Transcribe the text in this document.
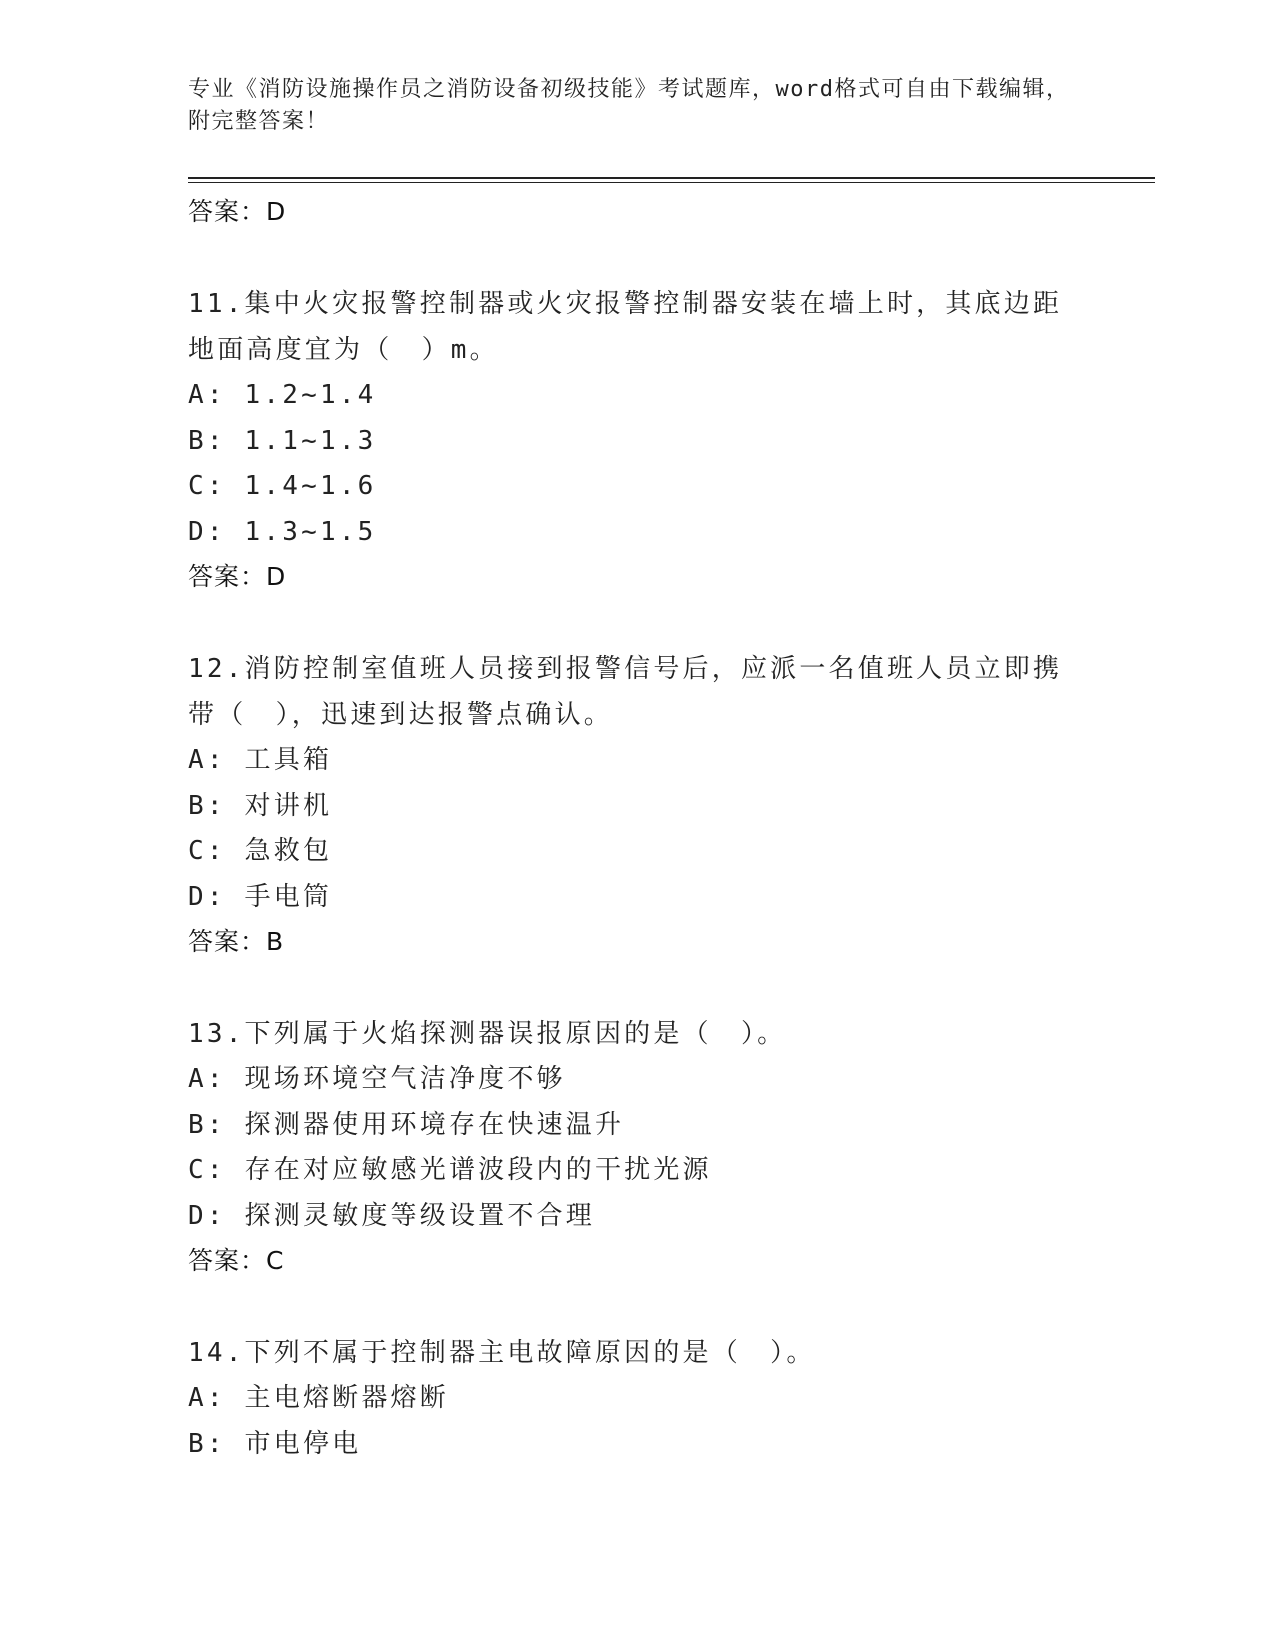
专业《消防设施操作员之消防设备初级技能》考试题库，word格式可自由下载编辑，附完整答案！
答案：D
11.集中火灾报警控制器或火灾报警控制器安装在墙上时，其底边距地面高度宜为（　）m。
A: 1.2~1.4
B: 1.1~1.3
C: 1.4~1.6
D: 1.3~1.5
答案：D
12.消防控制室值班人员接到报警信号后，应派一名值班人员立即携带（　），迅速到达报警点确认。
A: 工具箱
B: 对讲机
C: 急救包
D: 手电筒
答案：B
13.下列属于火焰探测器误报原因的是（　）。
A: 现场环境空气洁净度不够
B: 探测器使用环境存在快速温升
C: 存在对应敏感光谱波段内的干扰光源
D: 探测灵敏度等级设置不合理
答案：C
14.下列不属于控制器主电故障原因的是（　）。
A: 主电熔断器熔断
B: 市电停电
